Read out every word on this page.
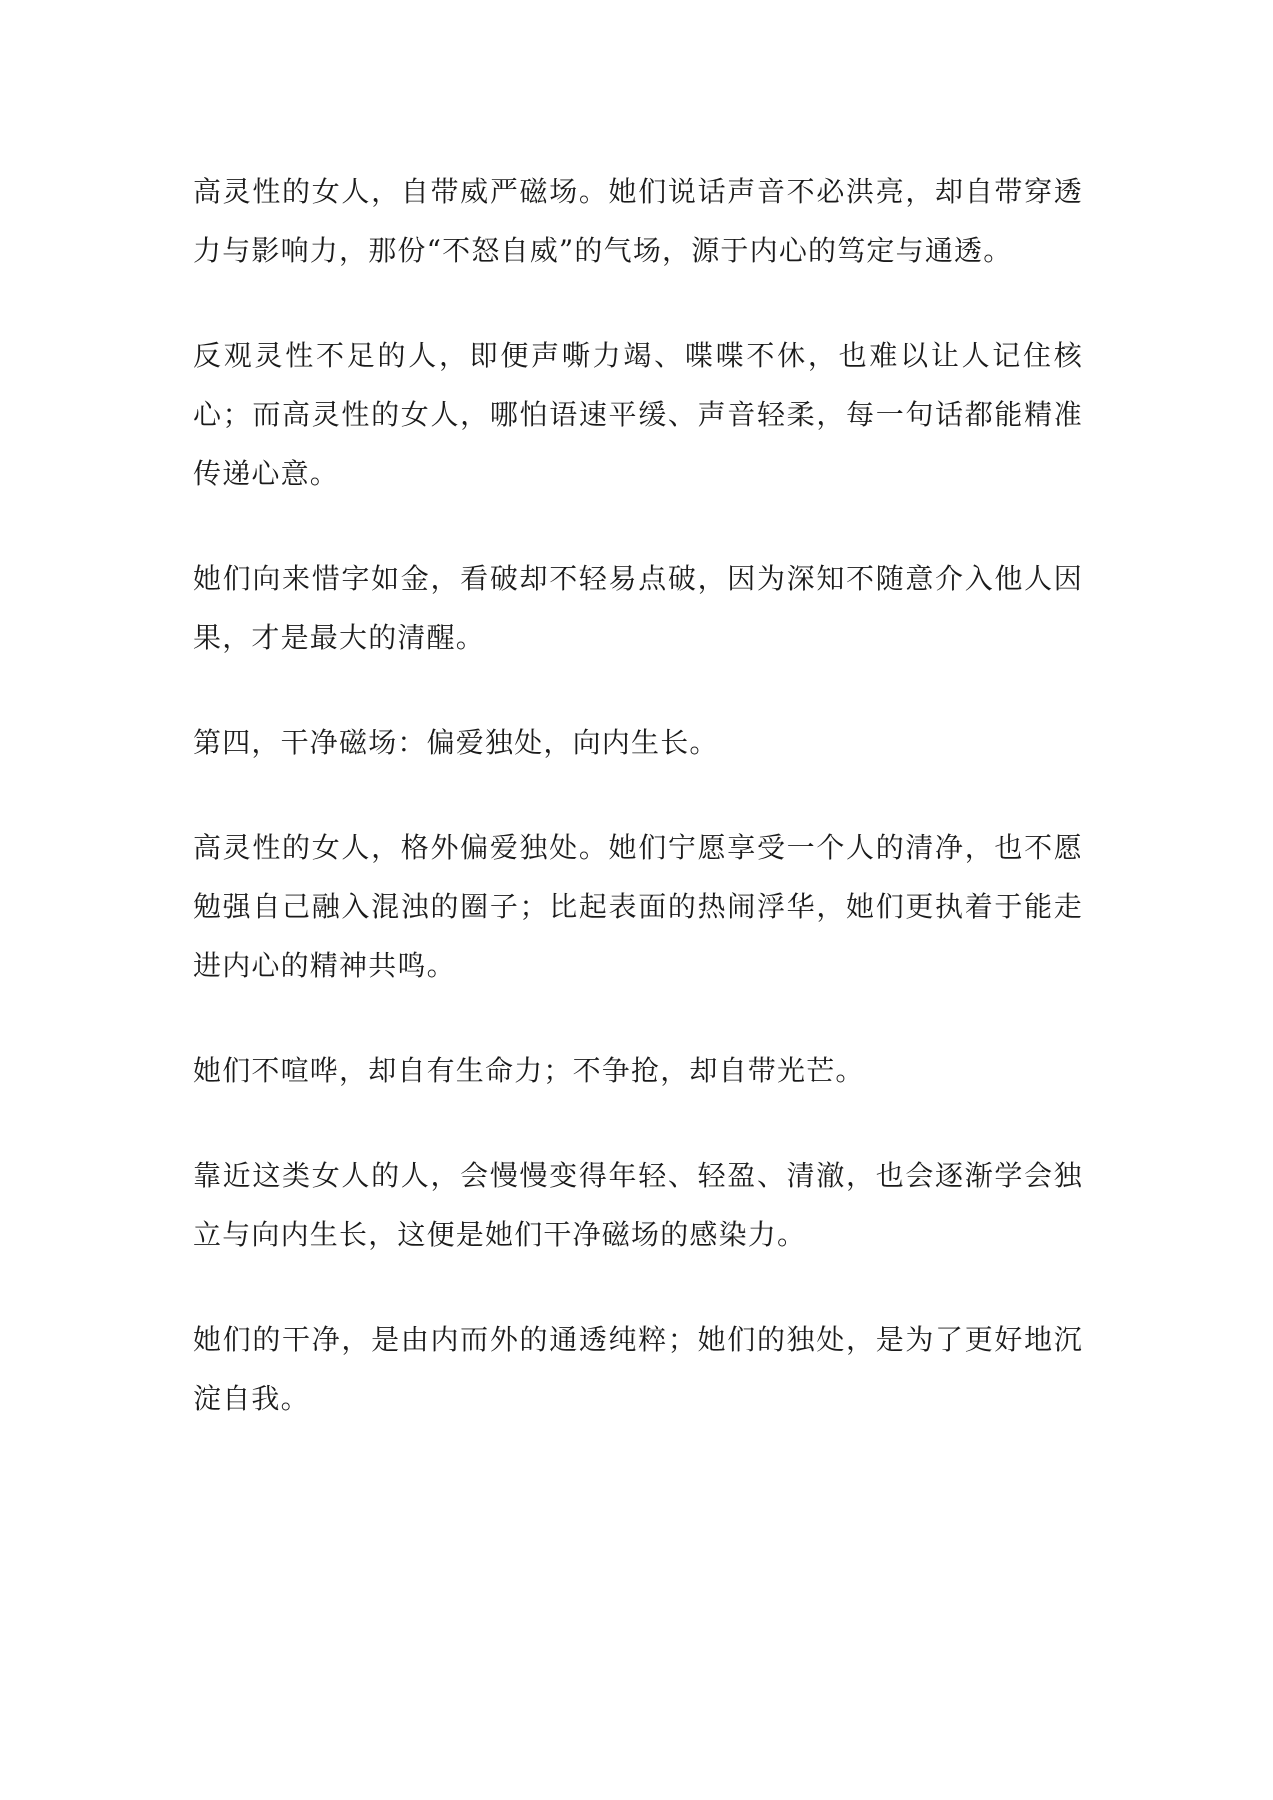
高灵性的女人，自带威严磁场。她们说话声音不必洪亮，却自带穿透力与影响力，那份“不怒自威”的气场，源于内心的笃定与通透。

反观灵性不足的人，即便声嘶力竭、喋喋不休，也难以让人记住核心；而高灵性的女人，哪怕语速平缓、声音轻柔，每一句话都能精准传递心意。

她们向来惜字如金，看破却不轻易点破，因为深知不随意介入他人因果，才是最大的清醒。

第四，干净磁场：偏爱独处，向内生长。

高灵性的女人，格外偏爱独处。她们宁愿享受一个人的清净，也不愿勉强自己融入混浊的圈子；比起表面的热闹浮华，她们更执着于能走进内心的精神共鸣。

她们不喧哗，却自有生命力；不争抢，却自带光芒。

靠近这类女人的人，会慢慢变得年轻、轻盈、清澈，也会逐渐学会独立与向内生长，这便是她们干净磁场的感染力。

她们的干净，是由内而外的通透纯粹；她们的独处，是为了更好地沉淀自我。
